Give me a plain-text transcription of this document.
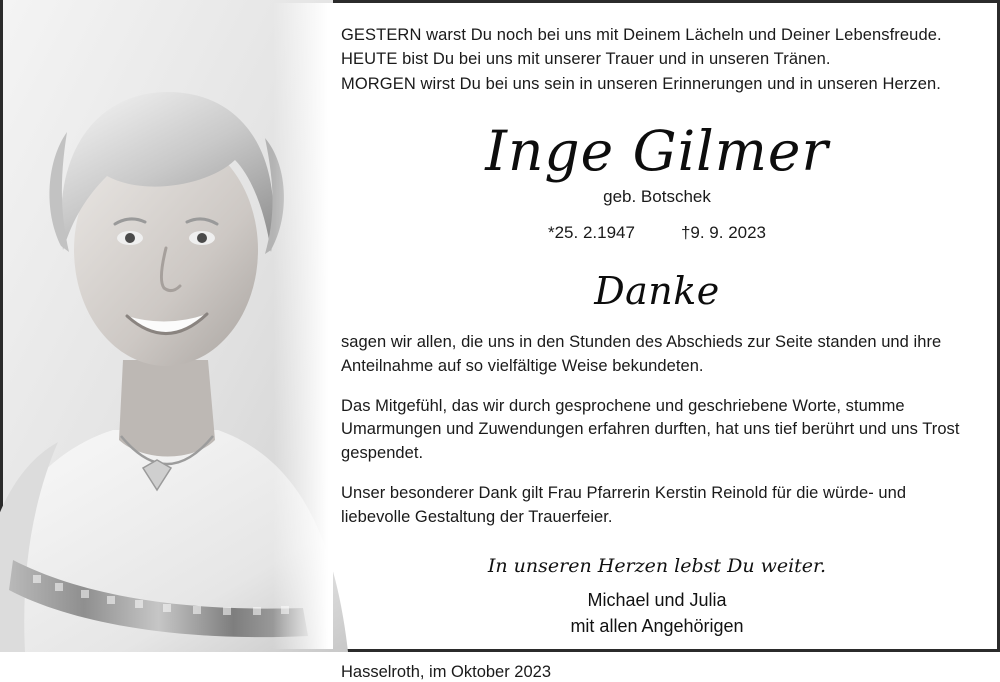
GESTERN warst Du noch bei uns mit Deinem Lächeln und Deiner Lebensfreude.
HEUTE bist Du bei uns mit unserer Trauer und in unseren Tränen.
MORGEN wirst Du bei uns sein in unseren Erinnerungen und in unseren Herzen.
Inge Gilmer
geb. Botschek
*25. 2.1947	†9. 9. 2023
Danke
sagen wir allen, die uns in den Stunden des Abschieds zur Seite standen und ihre Anteilnahme auf so vielfältige Weise bekundeten.
Das Mitgefühl, das wir durch gesprochene und geschriebene Worte, stumme Umarmungen und Zuwendungen erfahren durften, hat uns tief berührt und uns Trost gespendet.
Unser besonderer Dank gilt Frau Pfarrerin Kerstin Reinold für die würde- und liebevolle Gestaltung der Trauerfeier.
In unseren Herzen lebst Du weiter.
Michael und Julia
mit allen Angehörigen
Hasselroth, im Oktober 2023
